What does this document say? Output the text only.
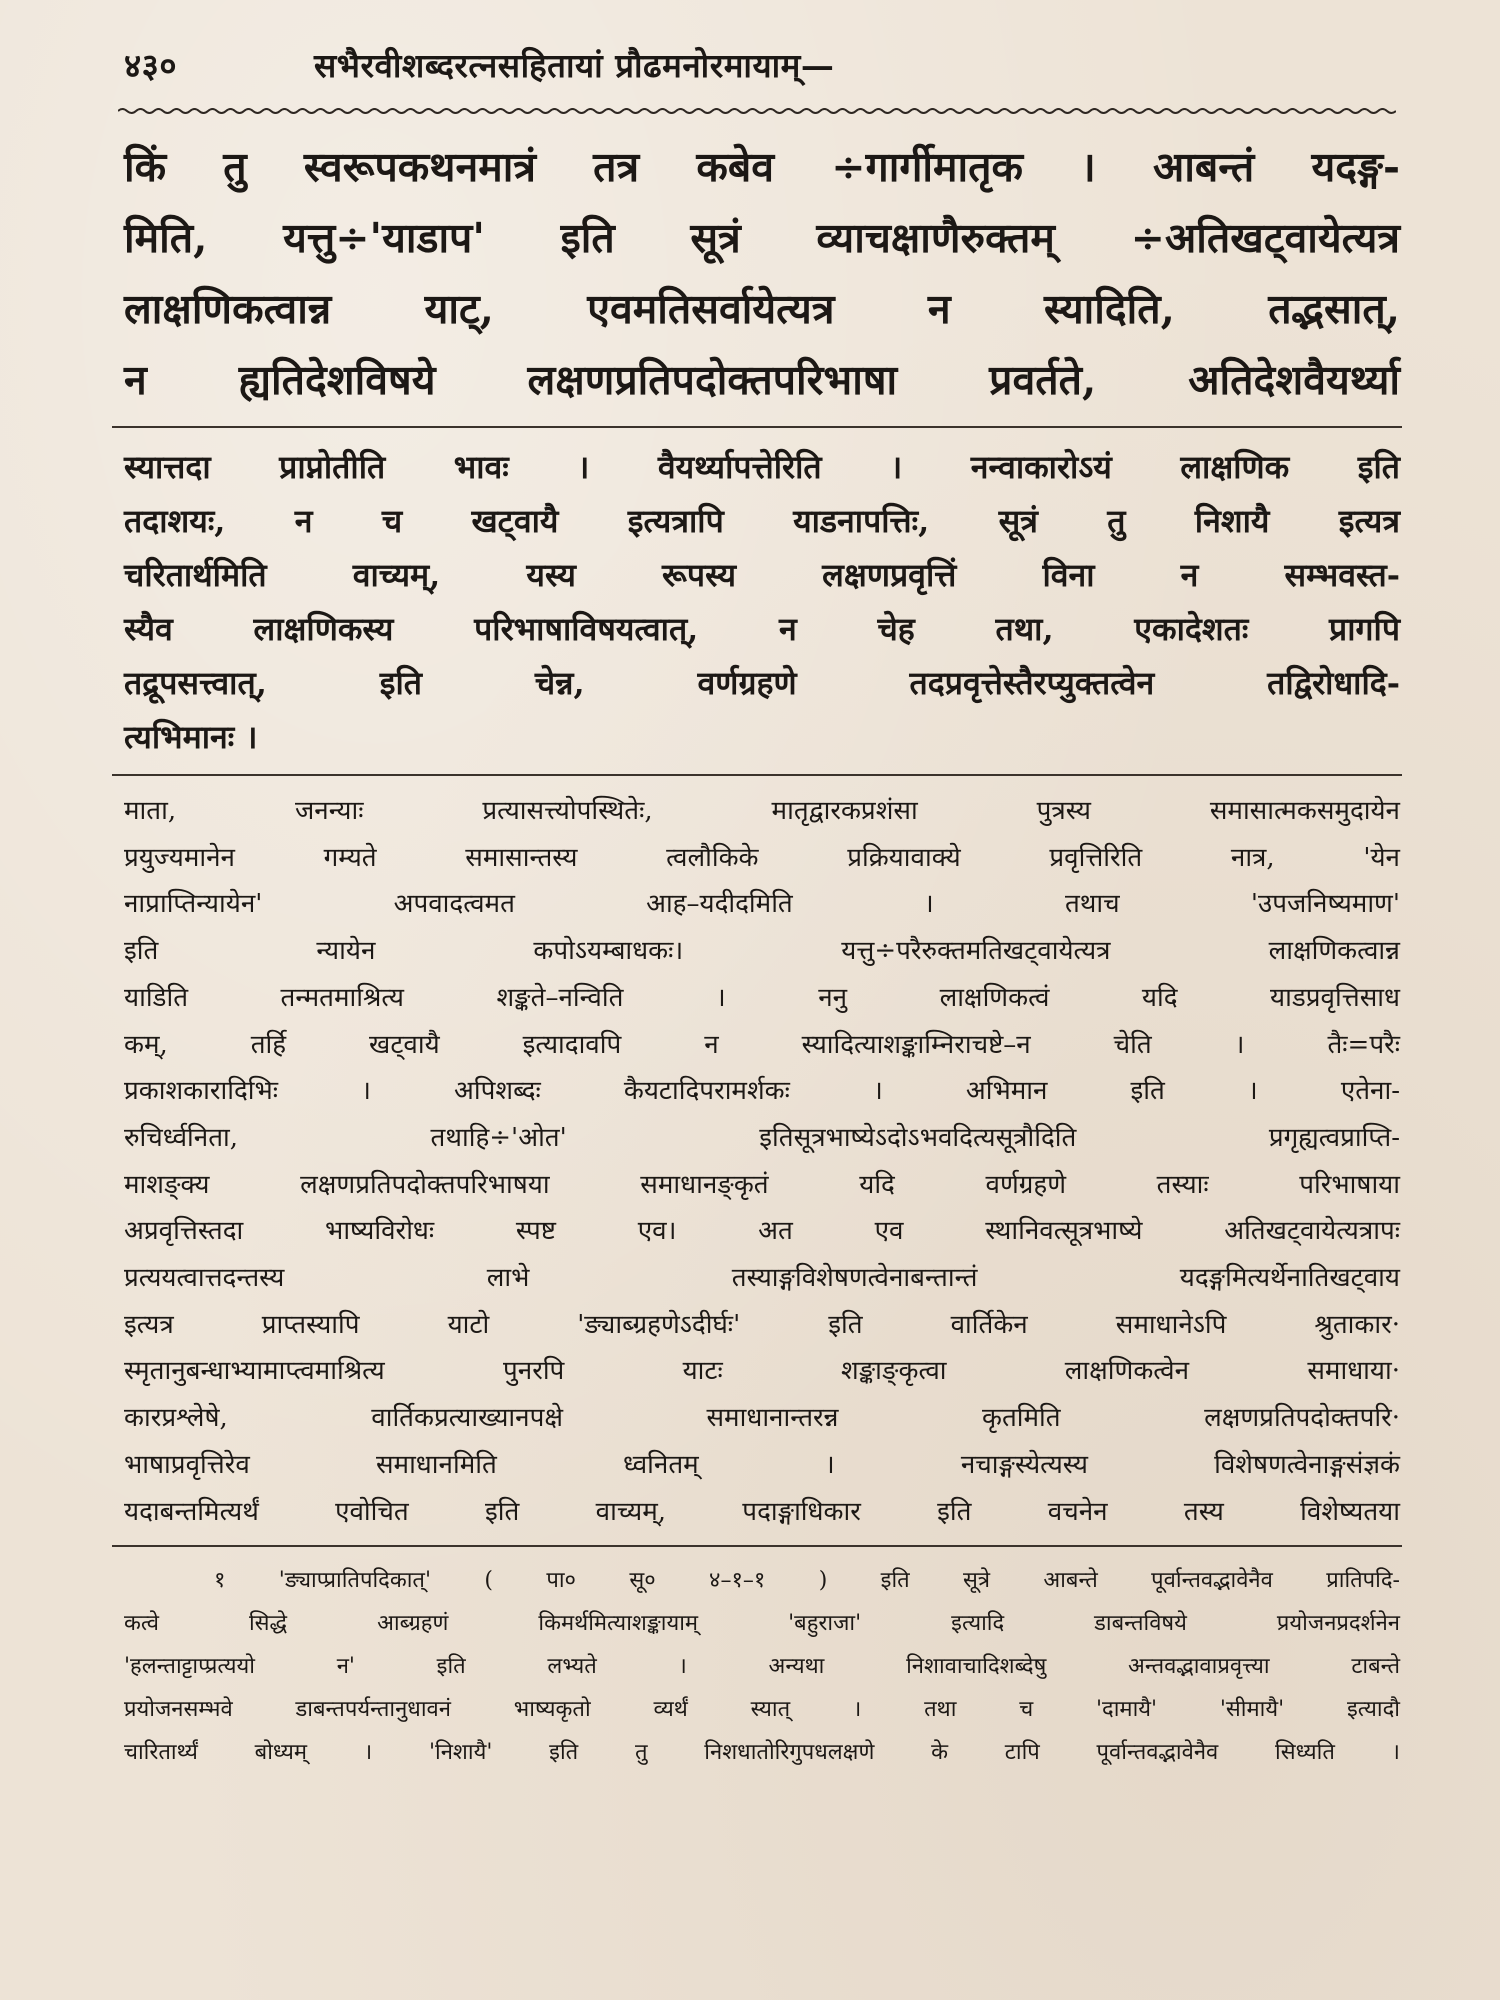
४३०	सभैरवीशब्दरत्नसहितायां प्रौढमनोरमायाम्—

किं तु स्वरूपकथनमात्रं तत्र कबेव ÷गार्गीमातृक । आबन्तं यदङ्ग-

मिति, यत्तु÷'याडाप' इति सूत्रं व्याचक्षाणैरुक्तम् ÷अतिखट्वायेत्यत्र

लाक्षणिकत्वान्न याट्, एवमतिसर्वायेत्यत्र न स्यादिति, तद्भसात्,

न ह्यतिदेशविषये लक्षणप्रतिपदोक्तपरिभाषा प्रवर्तते, अतिदेशवैयर्थ्या

स्यात्तदा प्राप्नोतीति भावः । वैयर्थ्यापत्तेरिति । नन्वाकारोऽयं लाक्षणिक इति

तदाशयः, न च खट्वायै इत्यत्रापि याडनापत्तिः, सूत्रं तु निशायै इत्यत्र

चरितार्थमिति वाच्यम्, यस्य रूपस्य लक्षणप्रवृत्तिं विना न सम्भवस्त-

स्यैव लाक्षणिकस्य परिभाषाविषयत्वात्, न चेह तथा, एकादेशतः प्रागपि

तद्रूपसत्त्वात्, इति चेन्न, वर्णग्रहणे तदप्रवृत्तेस्तैरप्युक्तत्वेन तद्विरोधादि-

त्यभिमानः ।

माता, जनन्याः प्रत्यासत्त्योपस्थितेः, मातृद्वारकप्रशंसा पुत्रस्य समासात्मकसमुदायेन

प्रयुज्यमानेन गम्यते समासान्तस्य त्वलौकिके प्रक्रियावाक्ये प्रवृत्तिरिति नात्र, 'येन

नाप्राप्तिन्यायेन' अपवादत्वमत आह–यदीदमिति । तथाच 'उपजनिष्यमाण'

इति न्यायेन कपोऽयम्बाधकः। यत्तु÷परैरुक्तमतिखट्वायेत्यत्र लाक्षणिकत्वान्न

याडिति तन्मतमाश्रित्य शङ्कते–नन्विति । ननु लाक्षणिकत्वं यदि याडप्रवृत्तिसाध

कम्, तर्हि खट्वायै इत्यादावपि न स्यादित्याशङ्काम्निराचष्टे–न चेति । तैः=परैः

प्रकाशकारादिभिः । अपिशब्दः कैयटादिपरामर्शकः । अभिमान इति । एतेना-

रुचिर्ध्वनिता, तथाहि÷'ओत' इतिसूत्रभाष्येऽदोऽभवदित्यसूत्रौदिति प्रगृह्यत्वप्राप्ति-

माशङ्क्य लक्षणप्रतिपदोक्तपरिभाषया समाधानङ्कृतं यदि वर्णग्रहणे तस्याः परिभाषाया

अप्रवृत्तिस्तदा भाष्यविरोधः स्पष्ट एव। अत एव स्थानिवत्सूत्रभाष्ये अतिखट्वायेत्यत्रापः

प्रत्ययत्वात्तदन्तस्य लाभे तस्याङ्गविशेषणत्वेनाबन्तान्तं यदङ्गमित्यर्थेनातिखट्वाय

इत्यत्र प्राप्तस्यापि याटो 'ङ्याब्ग्रहणेऽदीर्घः' इति वार्तिकेन समाधानेऽपि श्रुताकार·

स्मृतानुबन्धाभ्यामाप्त्वमाश्रित्य पुनरपि याटः शङ्काङ्कृत्वा लाक्षणिकत्वेन समाधाया·

कारप्रश्लेषे, वार्तिकप्रत्याख्यानपक्षे समाधानान्तरन्न कृतमिति लक्षणप्रतिपदोक्तपरि·

भाषाप्रवृत्तिरेव समाधानमिति ध्वनितम् । नचाङ्गस्येत्यस्य विशेषणत्वेनाङ्गसंज्ञकं

यदाबन्तमित्यर्थं एवोचित इति वाच्यम्, पदाङ्गाधिकार इति वचनेन तस्य विशेष्यतया

१ 'ङ्याप्प्रातिपदिकात्' ( पा० सू० ४–१–१ ) इति सूत्रे आबन्ते पूर्वान्तवद्भावेनैव प्रातिपदि-

कत्वे सिद्धे आब्ग्रहणं किमर्थमित्याशङ्कायाम् 'बहुराजा' इत्यादि डाबन्तविषये प्रयोजनप्रदर्शनेन

'हलन्ताट्टाप्प्रत्ययो न' इति लभ्यते । अन्यथा निशावाचादिशब्देषु अन्तवद्भावाप्रवृत्त्या टाबन्ते

प्रयोजनसम्भवे डाबन्तपर्यन्तानुधावनं भाष्यकृतो व्यर्थं स्यात् । तथा च 'दामायै' 'सीमायै' इत्यादौ

चारितार्थ्यं बोध्यम् । 'निशायै' इति तु निशधातोरिगुपधलक्षणे के टापि पूर्वान्तवद्भावेनैव सिध्यति ।
